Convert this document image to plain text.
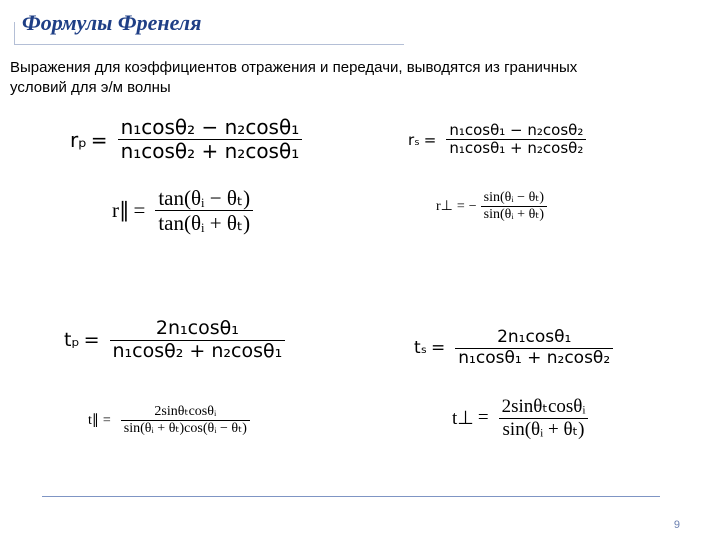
Формулы Френеля
Выражения для коэффициентов отражения и передачи, выводятся из граничных условий для э/м волны
$r_p = \frac{\text{n₁cosθ₂ − n₂cosθ₁}}{\text{n₁cosθ₂ + n₂cosθ₁}}$	$r_s = \frac{\text{n₁cosθ₁ − n₂cosθ₂}}{\text{n₁cosθ₁ + n₂cosθ₂}}$
r∥ = $\frac{\text{tan(θᵢ − θₜ)}}{\text{tan(θᵢ + θₜ)}}$	r⊥ = − $\frac{\text{sin(θᵢ − θₜ)}}{\text{sin(θᵢ + θₜ)}}$
$t_p = \frac{\text{2n₁cosθ₁}}{\text{n₁cosθ₂ + n₂cosθ₁}}$	$t_s = \frac{\text{2n₁cosθ₁}}{\text{n₁cosθ₁ + n₂cosθ₂}}$
t∥ = $\frac{\text{2sinθₜcosθᵢ}}{\text{sin(θᵢ + θₜ)cos(θᵢ − θₜ)}}$	t⊥ = $\frac{\text{2sinθₜcosθᵢ}}{\text{sin(θᵢ + θₜ)}}$
9
